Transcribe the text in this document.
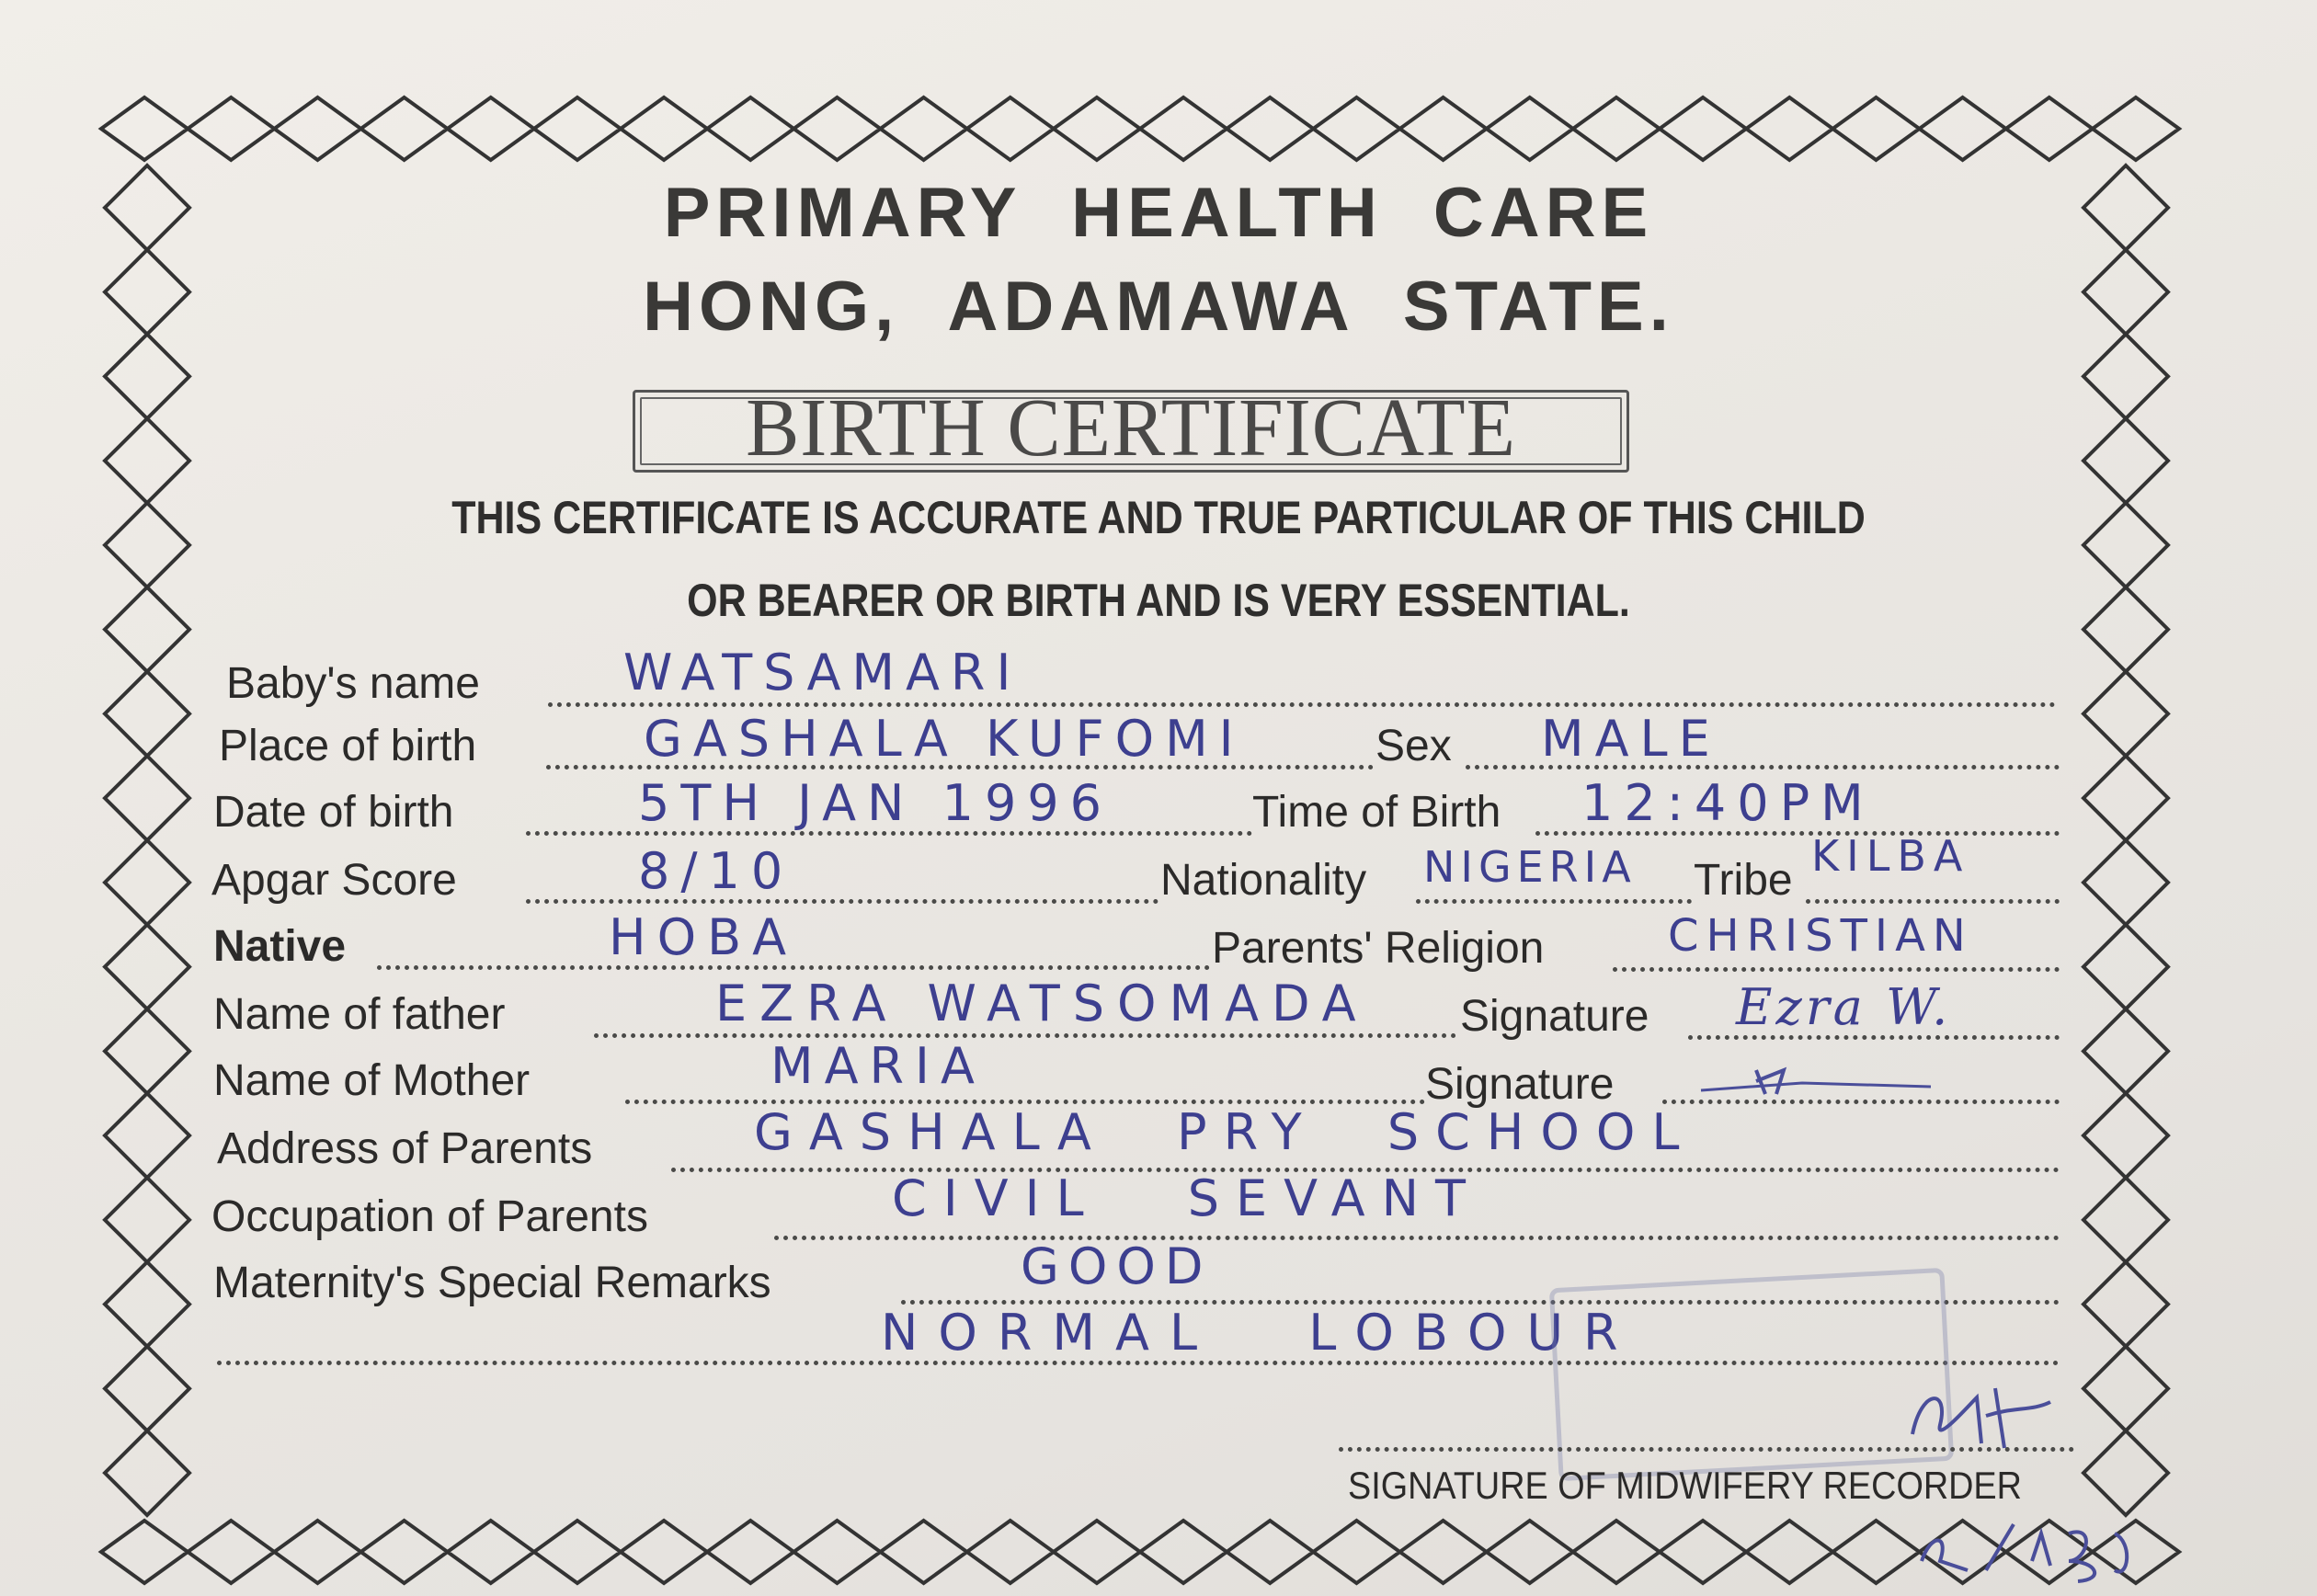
PRIMARY HEALTH CARE
HONG, ADAMAWA STATE.
BIRTH CERTIFICATE
THIS CERTIFICATE IS ACCURATE AND TRUE PARTICULAR OF THIS CHILD
OR BEARER OR BIRTH AND IS VERY ESSENTIAL.
Baby's name	WATSAMARI
Place of birth	GASHALA KUFOMI	Sex MALE
Date of birth	5TH JAN 1996	Time of Birth 12:40PM
Apgar Score	8/10	Nationality NIGERIA Tribe KILBA
Native	HOBA	Parents' Religion	CHRISTIAN
Name of father	EZRA WATSOMADA Signature Ezra W.
Name of Mother	MARIA	Signature
Address of Parents	GASHALA PRY SCHOOL
Occupation of Parents	CIVIL SEVANT
Maternity's Special Remarks	GOOD
NORMAL LOBOUR
SIGNATURE OF MIDWIFERY RECORDER
